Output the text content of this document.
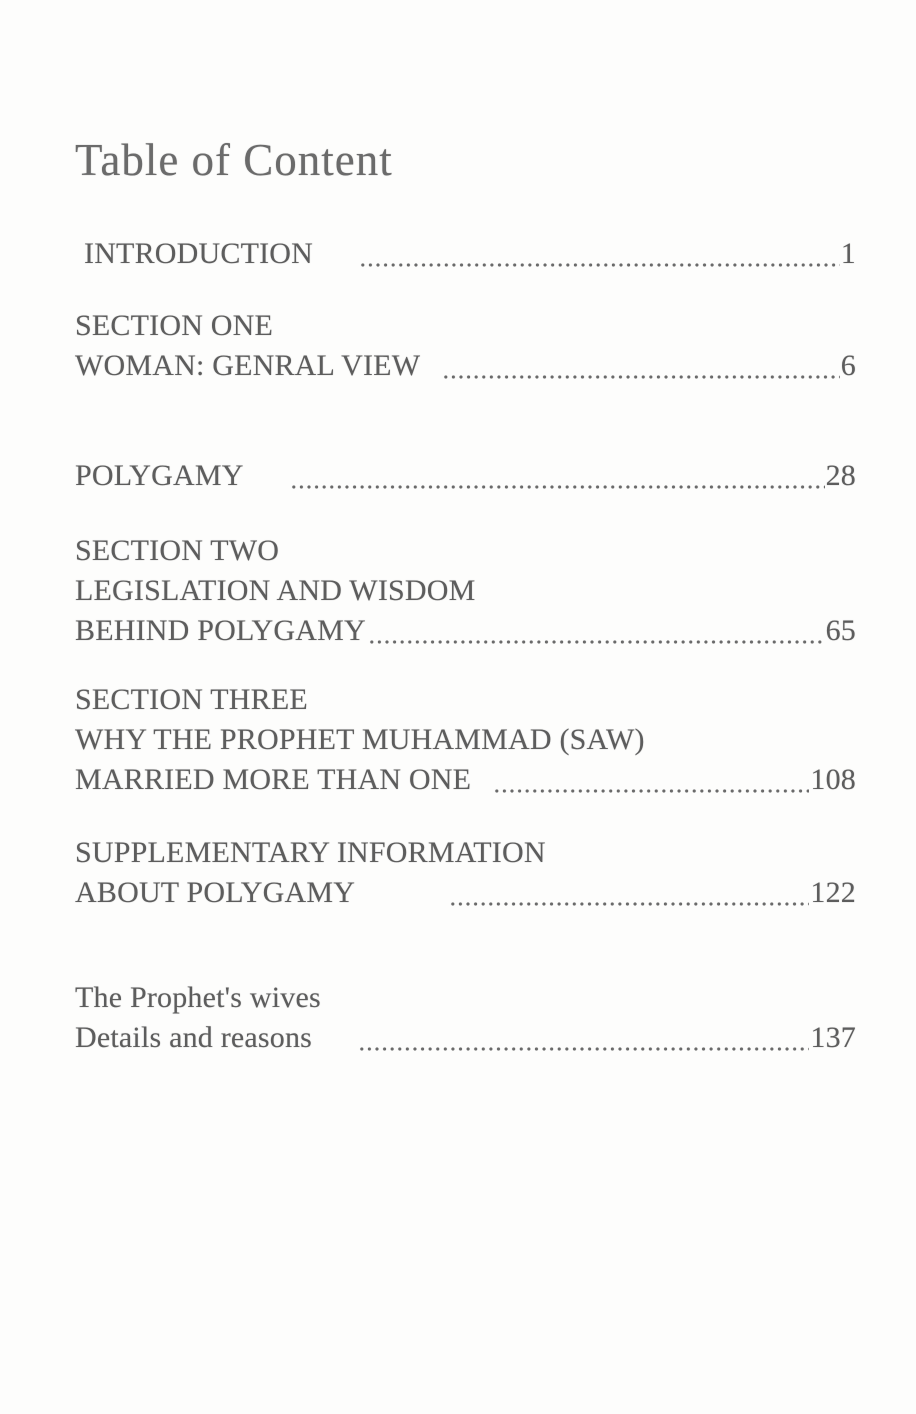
Table of Content
INTRODUCTION	1
SECTION ONE
WOMAN: GENRAL VIEW	6
POLYGAMY	28
SECTION TWO
LEGISLATION AND WISDOM
BEHIND POLYGAMY	65
SECTION THREE
WHY THE PROPHET MUHAMMAD (SAW)
MARRIED MORE THAN ONE	108
SUPPLEMENTARY INFORMATION
ABOUT POLYGAMY	122
The Prophet's wives
Details and reasons	137
